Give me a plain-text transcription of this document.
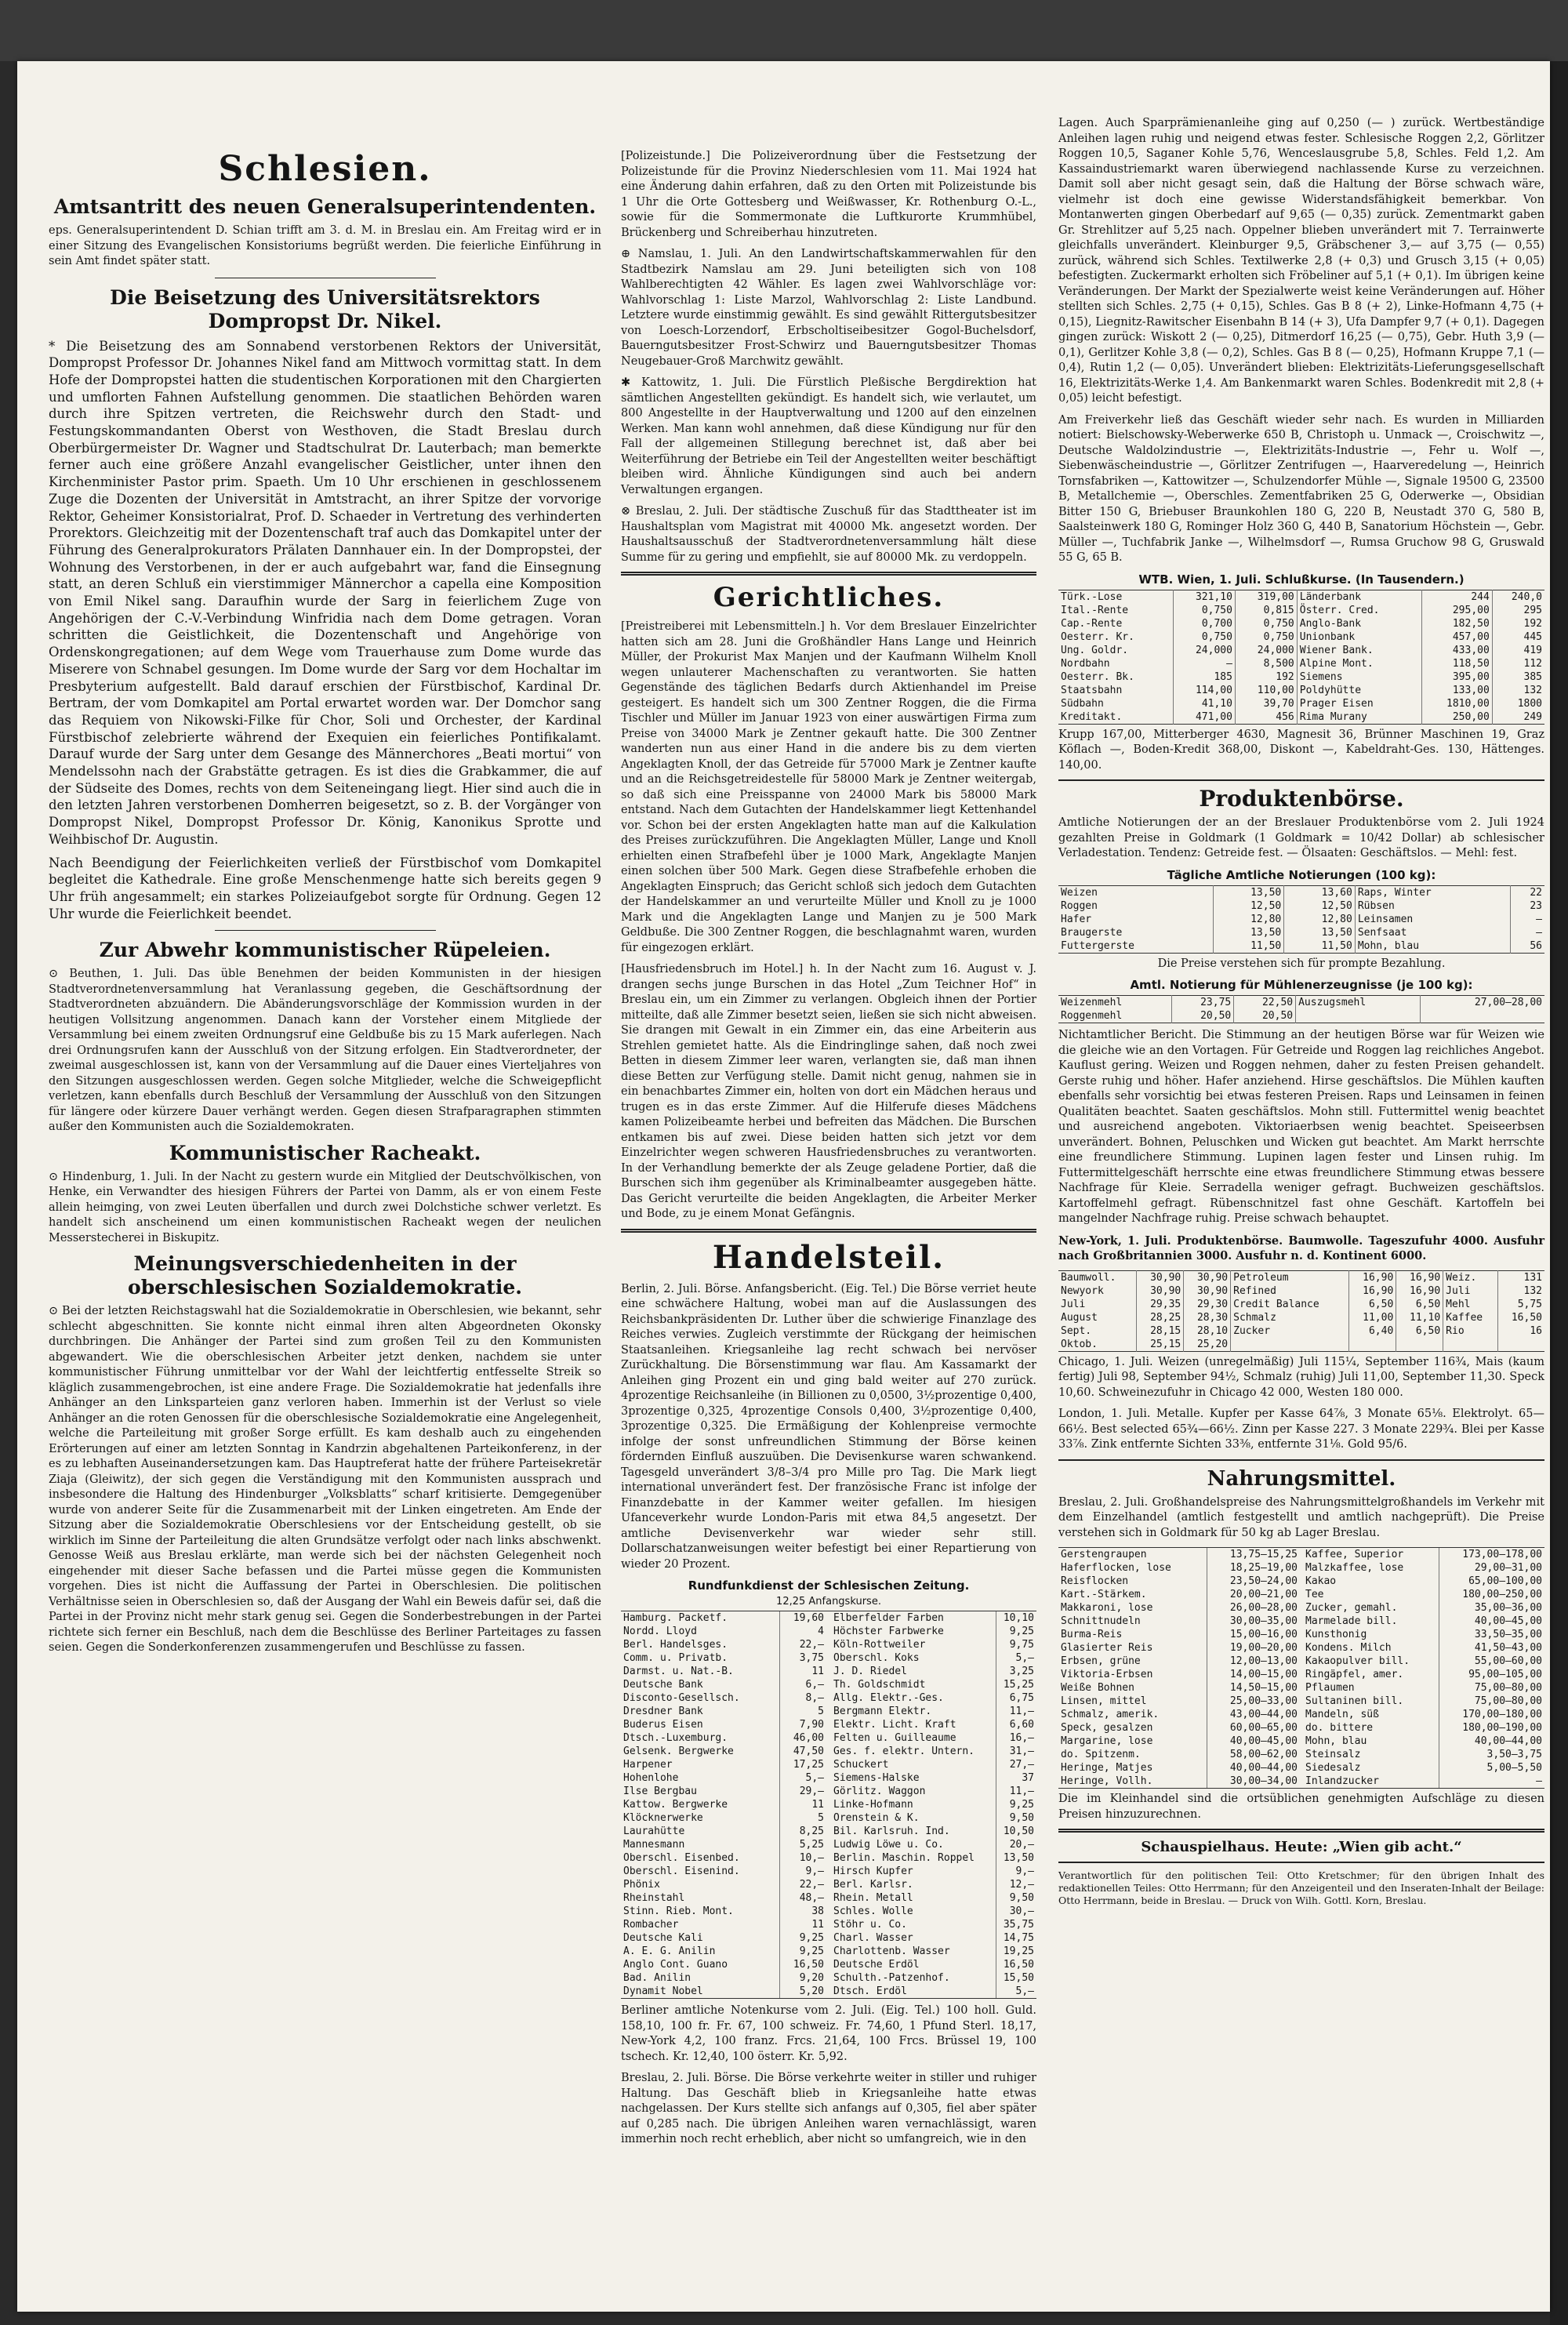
Schlesien.
Amtsantritt des neuen Generalsuperintendenten.

eps. Generalsuperintendent D. Schian trifft am 3. d. M. in Breslau ein. Am Freitag wird er in einer Sitzung des Evangelischen Konsistoriums begrüßt werden. Die feierliche Einführung in sein Amt findet später statt.

Die Beisetzung des Universitätsrektors Dompropst Dr. Nikel.

* Die Beisetzung des am Sonnabend verstorbenen Rektors der Universität, Dompropst Professor Dr. Johannes Nikel fand am Mittwoch vormittag statt. In dem Hofe der Dompropstei hatten die studentischen Korporationen mit den Chargierten und umflorten Fahnen Aufstellung genommen. Die staatlichen Behörden waren durch ihre Spitzen vertreten, die Reichswehr durch den Stadt- und Festungskommandanten Oberst von Westhoven, die Stadt Breslau durch Oberbürgermeister Dr. Wagner und Stadtschulrat Dr. Lauterbach; man bemerkte ferner auch eine größere Anzahl evangelischer Geistlicher, unter ihnen den Kirchenminister Pastor prim. Spaeth. Um 10 Uhr erschienen in geschlossenem Zuge die Dozenten der Universität in Amtstracht, an ihrer Spitze der vorvorige Rektor, Geheimer Konsistorialrat, Prof. D. Schaeder in Vertretung des verhinderten Prorektors. Gleichzeitig mit der Dozentenschaft traf auch das Domkapitel unter der Führung des Generalprokurators Prälaten Dannhauer ein. In der Dompropstei, der Wohnung des Verstorbenen, in der er auch aufgebahrt war, fand die Einsegnung statt, an deren Schluß ein vierstimmiger Männerchor a capella eine Komposition von Emil Nikel sang. Daraufhin wurde der Sarg in feierlichem Zuge von Angehörigen der C.-V.-Verbindung Winfridia nach dem Dome getragen. Voran schritten die Geistlichkeit, die Dozentenschaft und Angehörige von Ordenskongregationen; auf dem Wege vom Trauerhause zum Dome wurde das Miserere von Schnabel gesungen. Im Dome wurde der Sarg vor dem Hochaltar im Presbyterium aufgestellt. Bald darauf erschien der Fürstbischof, Kardinal Dr. Bertram, der vom Domkapitel am Portal erwartet worden war. Der Domchor sang das Requiem von Nikowski-Filke für Chor, Soli und Orchester, der Kardinal Fürstbischof zelebrierte während der Exequien ein feierliches Pontifikalamt. Darauf wurde der Sarg unter dem Gesange des Männerchores „Beati mortui“ von Mendelssohn nach der Grabstätte getragen. Es ist dies die Grabkammer, die auf der Südseite des Domes, rechts von dem Seiteneingang liegt. Hier sind auch die in den letzten Jahren verstorbenen Domherren beigesetzt, so z. B. der Vorgänger von Dompropst Nikel, Dompropst Professor Dr. König, Kanonikus Sprotte und Weihbischof Dr. Augustin.

Nach Beendigung der Feierlichkeiten verließ der Fürstbischof vom Domkapitel begleitet die Kathedrale. Eine große Menschenmenge hatte sich bereits gegen 9 Uhr früh angesammelt; ein starkes Polizeiaufgebot sorgte für Ordnung. Gegen 12 Uhr wurde die Feierlichkeit beendet.

Zur Abwehr kommunistischer Rüpeleien.

⊙ Beuthen, 1. Juli. Das üble Benehmen der beiden Kommunisten in der hiesigen Stadtverordnetenversammlung hat Veranlassung gegeben, die Geschäftsordnung der Stadtverordneten abzuändern. Die Abänderungsvorschläge der Kommission wurden in der heutigen Vollsitzung angenommen. Danach kann der Vorsteher einem Mitgliede der Versammlung bei einem zweiten Ordnungsruf eine Geldbuße bis zu 15 Mark auferlegen. Nach drei Ordnungsrufen kann der Ausschluß von der Sitzung erfolgen. Ein Stadtverordneter, der zweimal ausgeschlossen ist, kann von der Versammlung auf die Dauer eines Vierteljahres von den Sitzungen ausgeschlossen werden. Gegen solche Mitglieder, welche die Schweigepflicht verletzen, kann ebenfalls durch Beschluß der Versammlung der Ausschluß von den Sitzungen für längere oder kürzere Dauer verhängt werden. Gegen diesen Strafparagraphen stimmten außer den Kommunisten auch die Sozialdemokraten.

Kommunistischer Racheakt.

⊙ Hindenburg, 1. Juli. In der Nacht zu gestern wurde ein Mitglied der Deutschvölkischen, von Henke, ein Verwandter des hiesigen Führers der Partei von Damm, als er von einem Feste allein heimging, von zwei Leuten überfallen und durch zwei Dolchstiche schwer verletzt. Es handelt sich anscheinend um einen kommunistischen Racheakt wegen der neulichen Messerstecherei in Biskupitz.

Meinungsverschiedenheiten in der oberschlesischen Sozialdemokratie.

⊙ Bei der letzten Reichstagswahl hat die Sozialdemokratie in Oberschlesien, wie bekannt, sehr schlecht abgeschnitten. Sie konnte nicht einmal ihren alten Abgeordneten Okonsky durchbringen. Die Anhänger der Partei sind zum großen Teil zu den Kommunisten abgewandert. Wie die oberschlesischen Arbeiter jetzt denken, nachdem sie unter kommunistischer Führung unmittelbar vor der Wahl der leichtfertig entfesselte Streik so kläglich zusammengebrochen, ist eine andere Frage. Die Sozialdemokratie hat jedenfalls ihre Anhänger an den Linksparteien ganz verloren haben. Immerhin ist der Verlust so viele Anhänger an die roten Genossen für die oberschlesische Sozialdemokratie eine Angelegenheit, welche die Parteileitung mit großer Sorge erfüllt. Es kam deshalb auch zu eingehenden Erörterungen auf einer am letzten Sonntag in Kandrzin abgehaltenen Parteikonferenz, in der es zu lebhaften Auseinandersetzungen kam. Das Hauptreferat hatte der frühere Parteisekretär Ziaja (Gleiwitz), der sich gegen die Verständigung mit den Kommunisten aussprach und insbesondere die Haltung des Hindenburger „Volksblatts“ scharf kritisierte. Demgegenüber wurde von anderer Seite für die Zusammenarbeit mit der Linken eingetreten. Am Ende der Sitzung aber die Sozialdemokratie Oberschlesiens vor der Entscheidung gestellt, ob sie wirklich im Sinne der Parteileitung die alten Grundsätze verfolgt oder nach links abschwenkt. Genosse Weiß aus Breslau erklärte, man werde sich bei der nächsten Gelegenheit noch eingehender mit dieser Sache befassen und die Partei müsse gegen die Kommunisten vorgehen. Dies ist nicht die Auffassung der Partei in Oberschlesien. Die politischen Verhältnisse seien in Oberschlesien so, daß der Ausgang der Wahl ein Beweis dafür sei, daß die Partei in der Provinz nicht mehr stark genug sei. Gegen die Sonderbestrebungen in der Partei richtete sich ferner ein Beschluß, nach dem die Beschlüsse des Berliner Parteitages zu fassen seien. Gegen die Sonderkonferenzen zusammengerufen und Beschlüsse zu fassen.

[Polizeistunde.] Die Polizeiverordnung über die Festsetzung der Polizeistunde für die Provinz Niederschlesien vom 11. Mai 1924 hat eine Änderung dahin erfahren, daß zu den Orten mit Polizeistunde bis 1 Uhr die Orte Gottesberg und Weißwasser, Kr. Rothenburg O.-L., sowie für die Sommermonate die Luftkurorte Krummhübel, Brückenberg und Schreiberhau hinzutreten.

⊕ Namslau, 1. Juli. An den Landwirtschaftskammerwahlen für den Stadtbezirk Namslau am 29. Juni beteiligten sich von 108 Wahlberechtigten 42 Wähler. Es lagen zwei Wahlvorschläge vor: Wahlvorschlag 1: Liste Marzol, Wahlvorschlag 2: Liste Landbund. Letztere wurde einstimmig gewählt. Es sind gewählt Rittergutsbesitzer von Loesch-Lorzendorf, Erbscholtiseibesitzer Gogol-Buchelsdorf, Bauerngutsbesitzer Frost-Schwirz und Bauerngutsbesitzer Thomas Neugebauer-Groß Marchwitz gewählt.

✱ Kattowitz, 1. Juli. Die Fürstlich Pleßische Bergdirektion hat sämtlichen Angestellten gekündigt. Es handelt sich, wie verlautet, um 800 Angestellte in der Hauptverwaltung und 1200 auf den einzelnen Werken. Man kann wohl annehmen, daß diese Kündigung nur für den Fall der allgemeinen Stillegung berechnet ist, daß aber bei Weiterführung der Betriebe ein Teil der Angestellten weiter beschäftigt bleiben wird. Ähnliche Kündigungen sind auch bei andern Verwaltungen ergangen.

⊗ Breslau, 2. Juli. Der städtische Zuschuß für das Stadttheater ist im Haushaltsplan vom Magistrat mit 40000 Mk. angesetzt worden. Der Haushaltsausschuß der Stadtverordnetenversammlung hält diese Summe für zu gering und empfiehlt, sie auf 80000 Mk. zu verdoppeln.

Gerichtliches.

[Preistreiberei mit Lebensmitteln.] h. Vor dem Breslauer Einzelrichter hatten sich am 28. Juni die Großhändler Hans Lange und Heinrich Müller, der Prokurist Max Manjen und der Kaufmann Wilhelm Knoll wegen unlauterer Machenschaften zu verantworten. Sie hatten Gegenstände des täglichen Bedarfs durch Aktienhandel im Preise gesteigert. Es handelt sich um 300 Zentner Roggen, die die Firma Tischler und Müller im Januar 1923 von einer auswärtigen Firma zum Preise von 34000 Mark je Zentner gekauft hatte. Die 300 Zentner wanderten nun aus einer Hand in die andere bis zu dem vierten Angeklagten Knoll, der das Getreide für 57000 Mark je Zentner kaufte und an die Reichsgetreidestelle für 58000 Mark je Zentner weitergab, so daß sich eine Preisspanne von 24000 Mark bis 58000 Mark entstand. Nach dem Gutachten der Handelskammer liegt Kettenhandel vor. Schon bei der ersten Angeklagten hatte man auf die Kalkulation des Preises zurückzuführen. Die Angeklagten Müller, Lange und Knoll erhielten einen Strafbefehl über je 1000 Mark, Angeklagte Manjen einen solchen über 500 Mark. Gegen diese Strafbefehle erhoben die Angeklagten Einspruch; das Gericht schloß sich jedoch dem Gutachten der Handelskammer an und verurteilte Müller und Knoll zu je 1000 Mark und die Angeklagten Lange und Manjen zu je 500 Mark Geldbuße. Die 300 Zentner Roggen, die beschlagnahmt waren, wurden für eingezogen erklärt.

[Hausfriedensbruch im Hotel.] h. In der Nacht zum 16. August v. J. drangen sechs junge Burschen in das Hotel „Zum Teichner Hof“ in Breslau ein, um ein Zimmer zu verlangen. Obgleich ihnen der Portier mitteilte, daß alle Zimmer besetzt seien, ließen sie sich nicht abweisen. Sie drangen mit Gewalt in ein Zimmer ein, das eine Arbeiterin aus Strehlen gemietet hatte. Als die Eindringlinge sahen, daß noch zwei Betten in diesem Zimmer leer waren, verlangten sie, daß man ihnen diese Betten zur Verfügung stelle. Damit nicht genug, nahmen sie in ein benachbartes Zimmer ein, holten von dort ein Mädchen heraus und trugen es in das erste Zimmer. Auf die Hilferufe dieses Mädchens kamen Polizeibeamte herbei und befreiten das Mädchen. Die Burschen entkamen bis auf zwei. Diese beiden hatten sich jetzt vor dem Einzelrichter wegen schweren Hausfriedensbruches zu verantworten. In der Verhandlung bemerkte der als Zeuge geladene Portier, daß die Burschen sich ihm gegenüber als Kriminalbeamter ausgegeben hätte. Das Gericht verurteilte die beiden Angeklagten, die Arbeiter Merker und Bode, zu je einem Monat Gefängnis.

Handelsteil.

Berlin, 2. Juli. Börse. Anfangsbericht. (Eig. Tel.) Die Börse verriet heute eine schwächere Haltung, wobei man auf die Auslassungen des Reichsbankpräsidenten Dr. Luther über die schwierige Finanzlage des Reiches verwies. Zugleich verstimmte der Rückgang der heimischen Staatsanleihen. Kriegsanleihe lag recht schwach bei nervöser Zurückhaltung. Die Börsenstimmung war flau. Am Kassamarkt der Anleihen ging Prozent ein und ging bald weiter auf 270 zurück. 4prozentige Reichsanleihe (in Billionen zu 0,0500, 3½prozentige 0,400, 3prozentige 0,325, 4prozentige Consols 0,400, 3½prozentige 0,400, 3prozentige 0,325. Die Ermäßigung der Kohlenpreise vermochte infolge der sonst unfreundlichen Stimmung der Börse keinen fördernden Einfluß auszuüben. Die Devisenkurse waren schwankend. Tagesgeld unverändert 3/8–3/4 pro Mille pro Tag. Die Mark liegt international unverändert fest. Der französische Franc ist infolge der Finanzdebatte in der Kammer weiter gefallen. Im hiesigen Ufanceverkehr wurde London-Paris mit etwa 84,5 angesetzt. Der amtliche Devisenverkehr war wieder sehr still. Dollarschatzanweisungen weiter befestigt bei einer Repartierung von wieder 20 Prozent.

Rundfunkdienst der Schlesischen Zeitung.
12,25 Anfangskurse.
Hamburg. Packetf.	19,60
Nordd. Lloyd	4
Berl. Handelsges.	22,—
Comm. u. Privatb.	3,75
Darmst. u. Nat.-B.	11
Deutsche Bank	6,—
Disconto-Gesellsch.	8,—
Dresdner Bank	5
Buderus Eisen	7,90
Dtsch.-Luxemburg.	46,00
Gelsenk. Bergwerke	47,50
Harpener	17,25
Hohenlohe	5,—
Ilse Bergbau	29,—
Kattow. Bergwerke	11
Klöcknerwerke	5
Laurahütte	8,25
Mannesmann	5,25
Oberschl. Eisenbed.	10,—
Oberschl. Eisenind.	9,—
Phönix	22,—
Rheinstahl	48,—
Stinn. Rieb. Mont.	38
Rombacher	11
Deutsche Kali	9,25
A. E. G. Anilin	9,25
Anglo Cont. Guano	16,50
Bad. Anilin	9,20
Dynamit Nobel	5,20
Elberfelder Farben	10,10
Höchster Farbwerke	9,25
Köln-Rottweiler	9,75
Oberschl. Koks	5,—
J. D. Riedel	3,25
Th. Goldschmidt	15,25
Allg. Elektr.-Ges.	6,75
Bergmann Elektr.	11,—
Elektr. Licht. Kraft	6,60
Felten u. Guilleaume	16,—
Ges. f. elektr. Untern.	31,—
Schuckert	27,—
Siemens-Halske	37
Görlitz. Waggon	11,—
Linke-Hofmann	9,25
Orenstein & K.	9,50
Bil. Karlsruh. Ind.	10,50
Ludwig Löwe u. Co.	20,—
Berlin. Maschin. Roppel	13,50
Hirsch Kupfer	9,—
Berl. Karlsr.	12,—
Rhein. Metall	9,50
Schles. Wolle	30,—
Stöhr u. Co.	35,75
Charl. Wasser	14,75
Charlottenb. Wasser	19,25
Deutsche Erdöl	16,50
Schulth.-Patzenhof.	15,50
Dtsch. Erdöl	5,—

Berliner amtliche Notenkurse vom 2. Juli. (Eig. Tel.) 100 holl. Guld. 158,10, 100 fr. Fr. 67, 100 schweiz. Fr. 74,60, 1 Pfund Sterl. 18,17, New-York 4,2, 100 franz. Frcs. 21,64, 100 Frcs. Brüssel 19, 100 tschech. Kr. 12,40, 100 österr. Kr. 5,92.

Breslau, 2. Juli. Börse. Die Börse verkehrte weiter in stiller und ruhiger Haltung. Das Geschäft blieb in Kriegsanleihe hatte etwas nachgelassen. Der Kurs stellte sich anfangs auf 0,305, fiel aber später auf 0,285 nach. Die übrigen Anleihen waren vernachlässigt, waren immerhin noch recht erheblich, aber nicht so umfangreich, wie in den

Lagen. Auch Sparprämienanleihe ging auf 0,250 (— ) zurück. Wertbeständige Anleihen lagen ruhig und neigend etwas fester. Schlesische Roggen 2,2, Görlitzer Roggen 10,5, Saganer Kohle 5,76, Wenceslausgrube 5,8, Schles. Feld 1,2. Am Kassaindustriemarkt waren überwiegend nachlassende Kurse zu verzeichnen. Damit soll aber nicht gesagt sein, daß die Haltung der Börse schwach wäre, vielmehr ist doch eine gewisse Widerstandsfähigkeit bemerkbar. Von Montanwerten gingen Oberbedarf auf 9,65 (— 0,35) zurück. Zementmarkt gaben Gr. Strehlitzer auf 5,25 nach. Oppelner blieben unverändert mit 7. Terrainwerte gleichfalls unverändert. Kleinburger 9,5, Gräbschener 3,— auf 3,75 (— 0,55) zurück, während sich Schles. Textilwerke 2,8 (+ 0,3) und Grusch 3,15 (+ 0,05) befestigten. Zuckermarkt erholten sich Fröbeliner auf 5,1 (+ 0,1). Im übrigen keine Veränderungen. Der Markt der Spezialwerte weist keine Veränderungen auf. Höher stellten sich Schles. 2,75 (+ 0,15), Schles. Gas B 8 (+ 2), Linke-Hofmann 4,75 (+ 0,15), Liegnitz-Rawitscher Eisenbahn B 14 (+ 3), Ufa Dampfer 9,7 (+ 0,1). Dagegen gingen zurück: Wiskott 2 (— 0,25), Ditmerdorf 16,25 (— 0,75), Gebr. Huth 3,9 (— 0,1), Gerlitzer Kohle 3,8 (— 0,2), Schles. Gas B 8 (— 0,25), Hofmann Kruppe 7,1 (— 0,4), Rutin 1,2 (— 0,05). Unverändert blieben: Elektrizitäts-Lieferungsgesellschaft 16, Elektrizitäts-Werke 1,4. Am Bankenmarkt waren Schles. Bodenkredit mit 2,8 (+ 0,05) leicht befestigt.

Am Freiverkehr ließ das Geschäft wieder sehr nach. Es wurden in Milliarden notiert: Bielschowsky-Weberwerke 650 B, Christoph u. Unmack —, Croischwitz —, Deutsche Waldolzindustrie —, Elektrizitäts-Industrie —, Fehr u. Wolf —, Siebenwäscheindustrie —, Görlitzer Zentrifugen —, Haarveredelung —, Heinrich Tornsfabriken —, Kattowitzer —, Schulzendorfer Mühle —, Signale 19500 G, 23500 B, Metallchemie —, Oberschles. Zementfabriken 25 G, Oderwerke —, Obsidian Bitter 150 G, Briebuser Braunkohlen 180 G, 220 B, Neustadt 370 G, 580 B, Saalsteinwerk 180 G, Rominger Holz 360 G, 440 B, Sanatorium Höchstein —, Gebr. Müller —, Tuchfabrik Janke —, Wilhelmsdorf —, Rumsa Gruchow 98 G, Gruswald 55 G, 65 B.

WTB. Wien, 1. Juli. Schlußkurse. (In Tausendern.)
Türk.-Lose	321,10	319,00	Länderbank	244	240,0
Ital.-Rente	0,750	0,815	Österr. Cred.	295,00	295
Cap.-Rente	0,700	0,750	Anglo-Bank	182,50	192
Oesterr. Kr.	0,750	0,750	Unionbank	457,00	445
Ung. Goldr.	24,000	24,000	Wiener Bank.	433,00	419
Nordbahn	—	8,500	Alpine Mont.	118,50	112
Oesterr. Bk.	185	192	Siemens	395,00	385
Staatsbahn	114,00	110,00	Poldyhütte	133,00	132
Südbahn	41,10	39,70	Prager Eisen	1810,00	1800
Kreditakt.	471,00	456	Rima Murany	250,00	249

Krupp 167,00, Mitterberger 4630, Magnesit 36, Brünner Maschinen 19, Graz Köflach —, Boden-Kredit 368,00, Diskont —, Kabeldraht-Ges. 130, Hättenges. 140,00.

Produktenbörse.

Amtliche Notierungen der an der Breslauer Produktenbörse vom 2. Juli 1924 gezahlten Preise in Goldmark (1 Goldmark = 10/42 Dollar) ab schlesischer Verladestation. Tendenz: Getreide fest. — Ölsaaten: Geschäftslos. — Mehl: fest.

Tägliche Amtliche Notierungen (100 kg):
Weizen	13,50	13,60	Raps, Winter	22
Roggen	12,50	12,50	Rübsen	23
Hafer	12,80	12,80	Leinsamen	—
Braugerste	13,50	13,50	Senfsaat	—
Futtergerste	11,50	11,50	Mohn, blau	56

Die Preise verstehen sich für prompte Bezahlung.

Amtl. Notierung für Mühlenerzeugnisse (je 100 kg):
Weizenmehl	23,75	22,50	Auszugsmehl	27,00–28,00
Roggenmehl	20,50	20,50		

Nichtamtlicher Bericht. Die Stimmung an der heutigen Börse war für Weizen wie die gleiche wie an den Vortagen. Für Getreide und Roggen lag reichliches Angebot. Kauflust gering. Weizen und Roggen nehmen, daher zu festen Preisen gehandelt. Gerste ruhig und höher. Hafer anziehend. Hirse geschäftslos. Die Mühlen kauften ebenfalls sehr vorsichtig bei etwas festeren Preisen. Raps und Leinsamen in feinen Qualitäten beachtet. Saaten geschäftslos. Mohn still. Futtermittel wenig beachtet und ausreichend angeboten. Viktoriaerbsen wenig beachtet. Speiseerbsen unverändert. Bohnen, Peluschken und Wicken gut beachtet. Am Markt herrschte eine freundlichere Stimmung. Lupinen lagen fester und Linsen ruhig. Im Futtermittelgeschäft herrschte eine etwas freundlichere Stimmung etwas bessere Nachfrage für Kleie. Serradella weniger gefragt. Buchweizen geschäftslos. Kartoffelmehl gefragt. Rübenschnitzel fast ohne Geschäft. Kartoffeln bei mangelnder Nachfrage ruhig. Preise schwach behauptet.

New-York, 1. Juli. Produktenbörse. Baumwolle. Tageszufuhr 4000. Ausfuhr nach Großbritannien 3000. Ausfuhr n. d. Kontinent 6000.

Baumwoll.	30,90	30,90	Petroleum	16,90	16,90	Weiz.	131
Newyork	30,90	30,90	Refined	16,90	16,90	Juli	132
Juli	29,35	29,30	Credit Balance	6,50	6,50	Mehl	5,75
August	28,25	28,30	Schmalz	11,00	11,10	Kaffee	16,50
Sept.	28,15	28,10	Zucker	6,40	6,50	Rio	16
Oktob.	25,15	25,20					

Chicago, 1. Juli. Weizen (unregelmäßig) Juli 115¼, September 116¾, Mais (kaum fertig) Juli 98, September 94½, Schmalz (ruhig) Juli 11,00, September 11,30. Speck 10,60. Schweinezufuhr in Chicago 42 000, Westen 180 000.

London, 1. Juli. Metalle. Kupfer per Kasse 64⅞, 3 Monate 65⅛. Elektrolyt. 65—66½. Best selected 65¾—66½. Zinn per Kasse 227. 3 Monate 229¾. Blei per Kasse 33⅞. Zink entfernte Sichten 33⅜, entfernte 31⅛. Gold 95/6.

Nahrungsmittel.

Breslau, 2. Juli. Großhandelspreise des Nahrungsmittelgroßhandels im Verkehr mit dem Einzelhandel (amtlich festgestellt und amtlich nachgeprüft). Die Preise verstehen sich in Goldmark für 50 kg ab Lager Breslau.

Gerstengraupen	13,75—15,25
Haferflocken, lose	18,25—19,00
Reisflocken	23,50—24,00
Kart.-Stärkem.	20,00—21,00
Makkaroni, lose	26,00—28,00
Schnittnudeln	30,00—35,00
Burma-Reis	15,00—16,00
Glasierter Reis	19,00—20,00
Erbsen, grüne	12,00—13,00
Viktoria-Erbsen	14,00—15,00
Weiße Bohnen	14,50—15,00
Linsen, mittel	25,00—33,00
Schmalz, amerik.	43,00—44,00
Speck, gesalzen	60,00—65,00
Margarine, lose	40,00—45,00
do. Spitzenm.	58,00—62,00
Heringe, Matjes	40,00—44,00
Heringe, Vollh.	30,00—34,00
Kaffee, Superior	173,00—178,00
Malzkaffee, lose	29,00—31,00
Kakao	65,00—100,00
Tee	180,00—250,00
Zucker, gemahl.	35,00—36,00
Marmelade bill.	40,00—45,00
Kunsthonig	33,50—35,00
Kondens. Milch	41,50—43,00
Kakaopulver bill.	55,00—60,00
Ringäpfel, amer.	95,00—105,00
Pflaumen	75,00—80,00
Sultaninen bill.	75,00—80,00
Mandeln, süß	170,00—180,00
do. bittere	180,00—190,00
Mohn, blau	40,00—44,00
Steinsalz	3,50—3,75
Siedesalz	5,00—5,50
Inlandzucker	—

Die im Kleinhandel sind die ortsüblichen genehmigten Aufschläge zu diesen Preisen hinzuzurechnen.

Schauspielhaus. Heute: „Wien gib acht.“

Verantwortlich für den politischen Teil: Otto Kretschmer; für den übrigen Inhalt des redaktionellen Teiles: Otto Herrmann; für den Anzeigenteil und den Inseraten-Inhalt der Beilage: Otto Herrmann, beide in Breslau. — Druck von Wilh. Gottl. Korn, Breslau.
